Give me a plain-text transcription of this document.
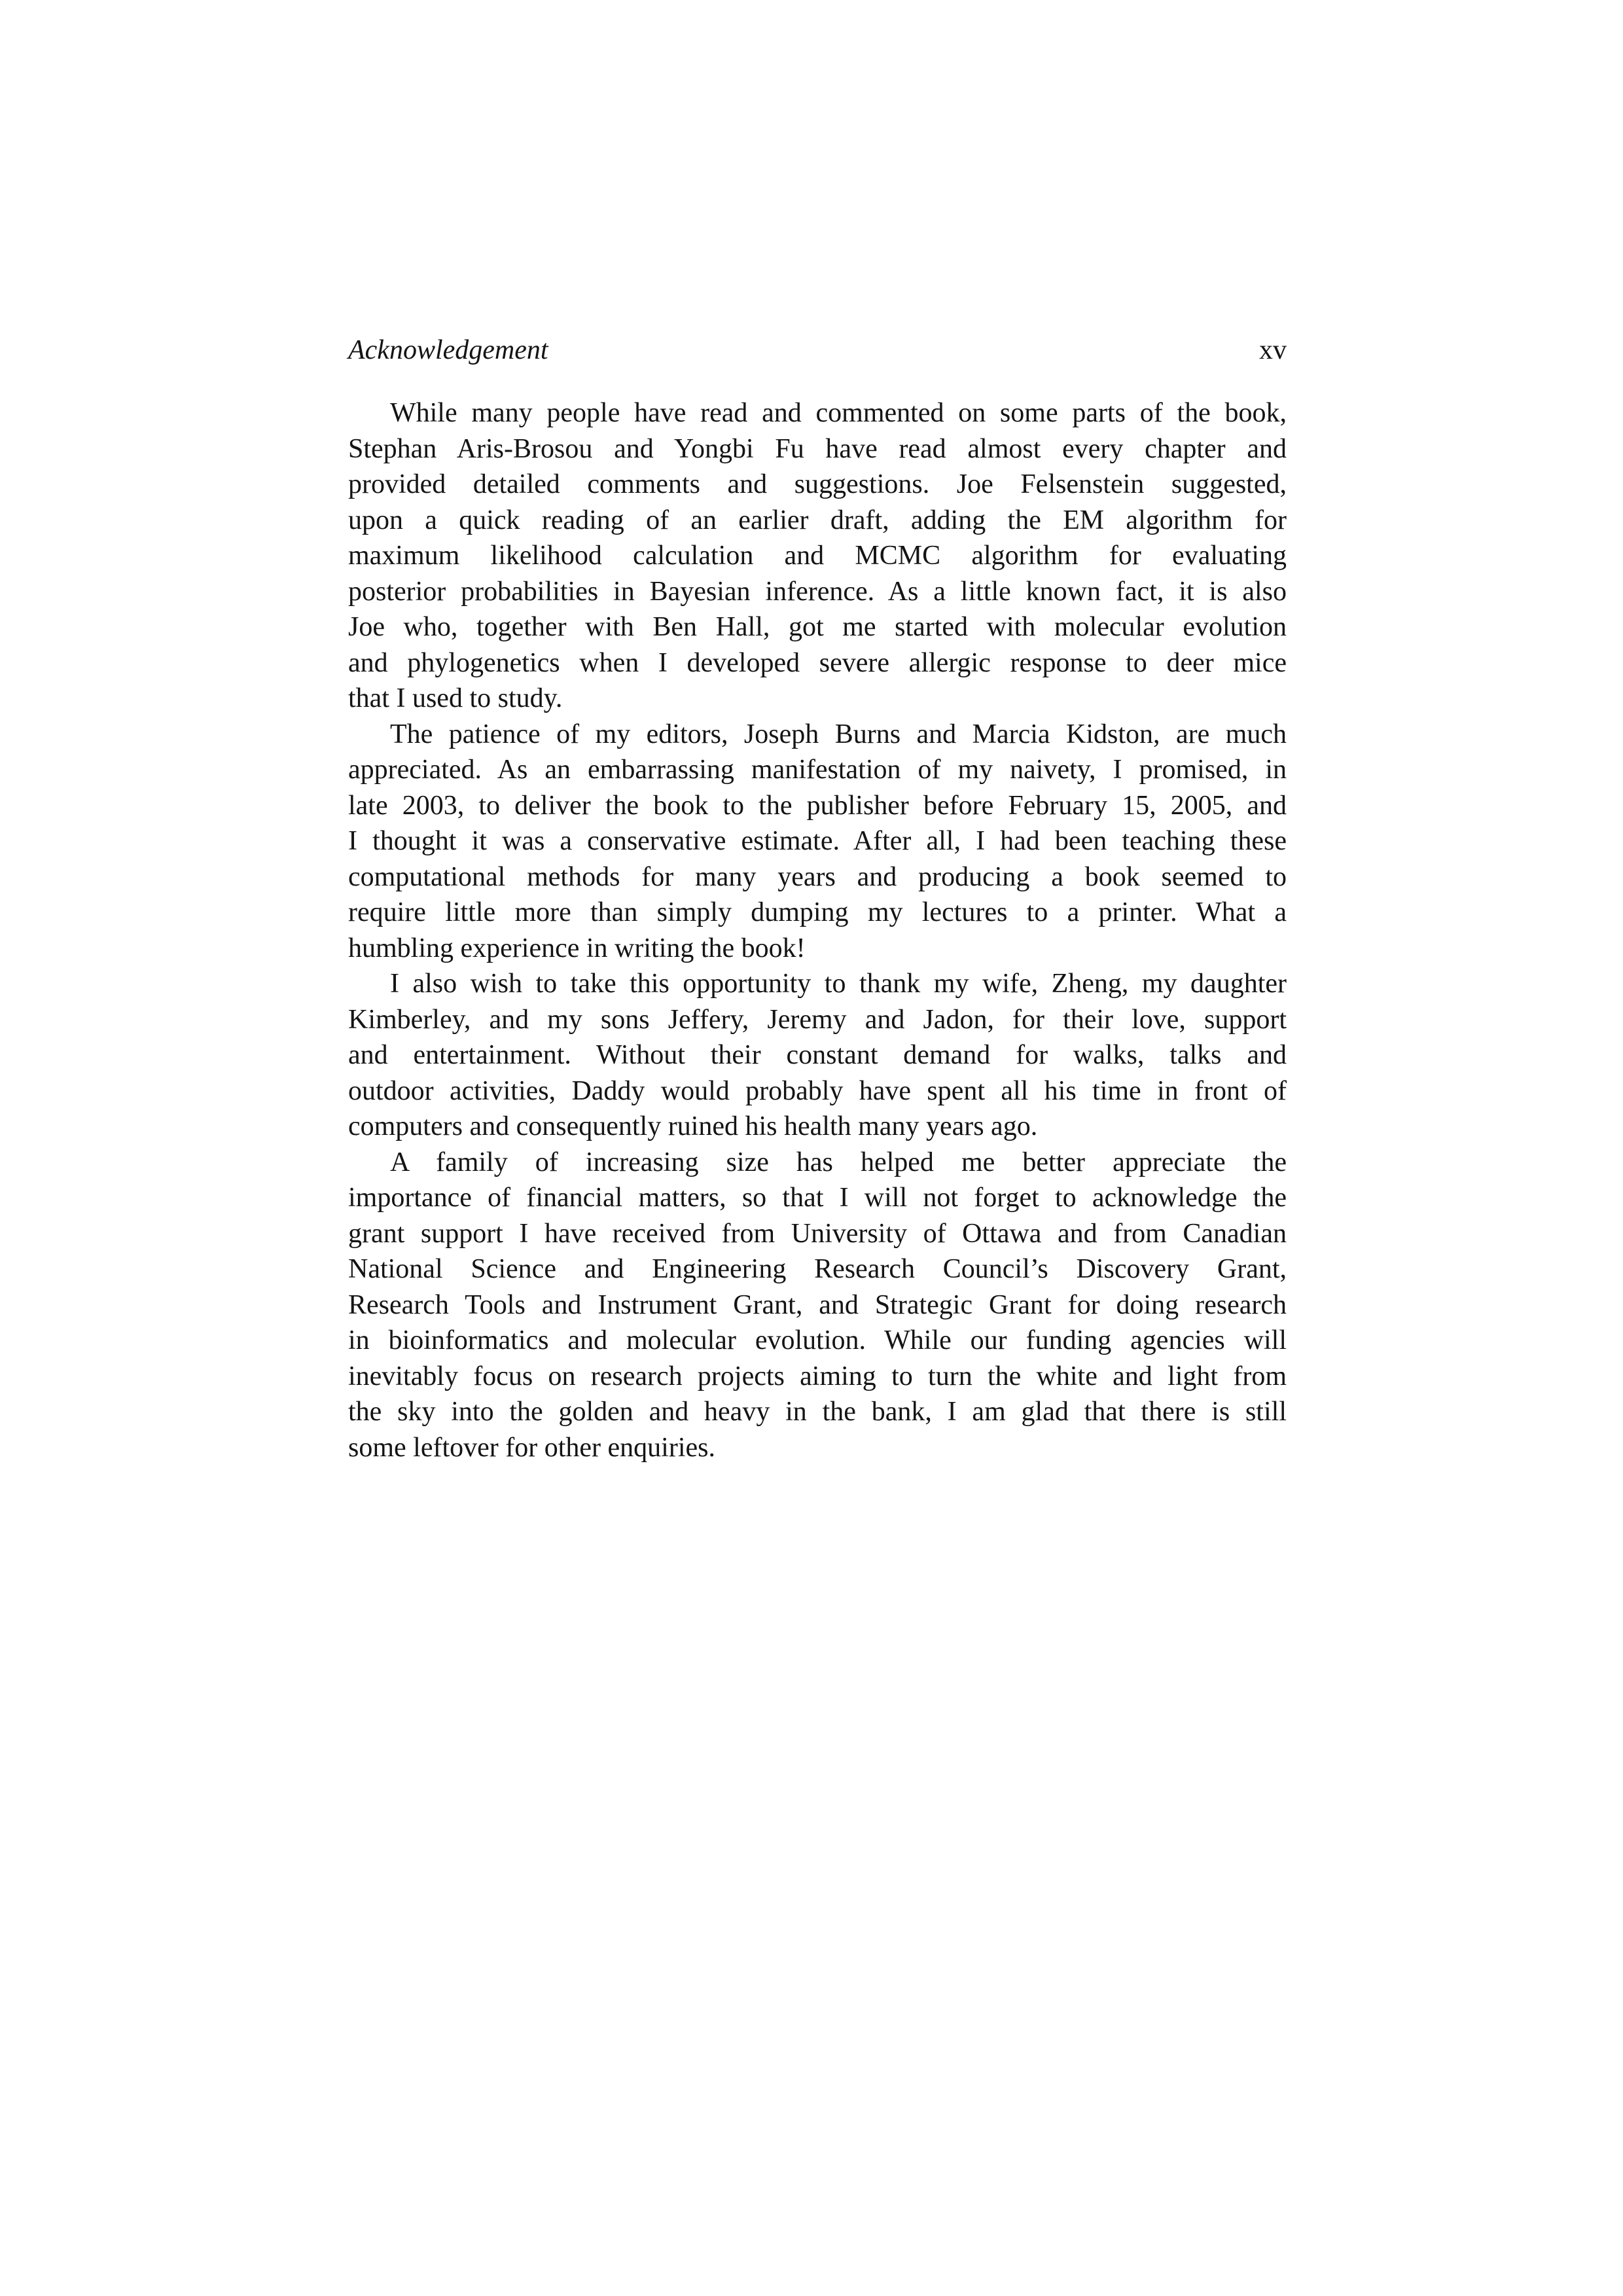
Acknowledgement	xv

While many people have read and commented on some parts of the book,
Stephan Aris-Brosou and Yongbi Fu have read almost every chapter and
provided detailed comments and suggestions. Joe Felsenstein suggested,
upon a quick reading of an earlier draft, adding the EM algorithm for
maximum likelihood calculation and MCMC algorithm for evaluating
posterior probabilities in Bayesian inference. As a little known fact, it is also
Joe who, together with Ben Hall, got me started with molecular evolution
and phylogenetics when I developed severe allergic response to deer mice
that I used to study.

The patience of my editors, Joseph Burns and Marcia Kidston, are much
appreciated. As an embarrassing manifestation of my naivety, I promised, in
late 2003, to deliver the book to the publisher before February 15, 2005, and
I thought it was a conservative estimate. After all, I had been teaching these
computational methods for many years and producing a book seemed to
require little more than simply dumping my lectures to a printer. What a
humbling experience in writing the book!

I also wish to take this opportunity to thank my wife, Zheng, my daughter
Kimberley, and my sons Jeffery, Jeremy and Jadon, for their love, support
and entertainment. Without their constant demand for walks, talks and
outdoor activities, Daddy would probably have spent all his time in front of
computers and consequently ruined his health many years ago.

A family of increasing size has helped me better appreciate the
importance of financial matters, so that I will not forget to acknowledge the
grant support I have received from University of Ottawa and from Canadian
National Science and Engineering Research Council’s Discovery Grant,
Research Tools and Instrument Grant, and Strategic Grant for doing research
in bioinformatics and molecular evolution. While our funding agencies will
inevitably focus on research projects aiming to turn the white and light from
the sky into the golden and heavy in the bank, I am glad that there is still
some leftover for other enquiries.
